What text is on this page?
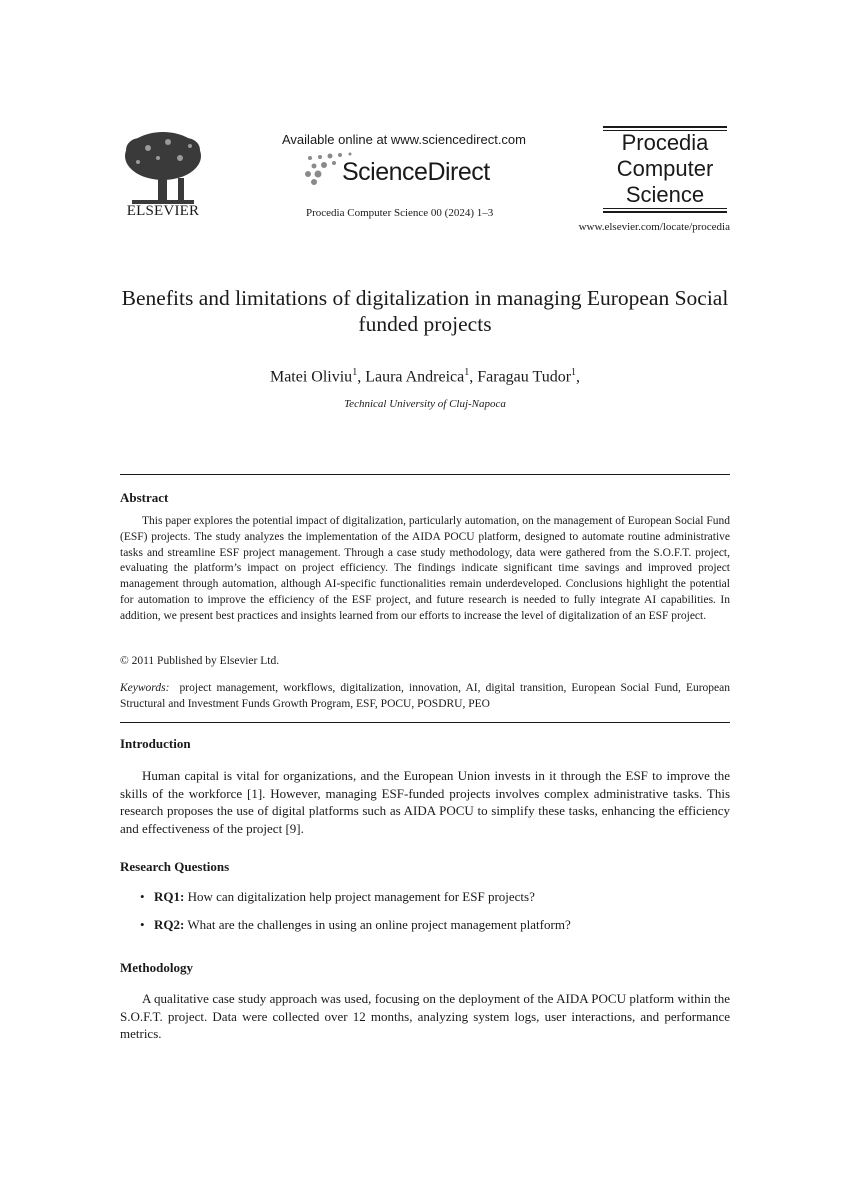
ELSEVIER
Available online at www.sciencedirect.com
ScienceDirect
Procedia Computer Science 00 (2024) 1–3
Procedia
Computer
Science
www.elsevier.com/locate/procedia
Benefits and limitations of digitalization in managing European Social funded projects
Matei Oliviu$^1$, Laura Andreica$^1$, Faragau Tudor$^1$,
Technical University of Cluj-Napoca
Abstract
This paper explores the potential impact of digitalization, particularly automation, on the management of European Social Fund (ESF) projects. The study analyzes the implementation of the AIDA POCU platform, designed to automate routine administrative tasks and streamline ESF project management. Through a case study methodology, data were gathered from the S.O.F.T. project, evaluating the platform’s impact on project efficiency. The findings indicate significant time savings and improved project management through automation, although AI-specific functionalities remain underdeveloped. Conclusions highlight the potential for automation to improve the efficiency of the ESF project, and future research is needed to fully integrate AI capabilities. In addition, we present best practices and insights learned from our efforts to increase the level of digitalization of an ESF project.
© 2011 Published by Elsevier Ltd.
Keywords: project management, workflows, digitalization, innovation, AI, digital transition, European Social Fund, European Structural and Investment Funds Growth Program, ESF, POCU, POSDRU, PEO
Introduction
Human capital is vital for organizations, and the European Union invests in it through the ESF to improve the skills of the workforce [1]. However, managing ESF-funded projects involves complex administrative tasks. This research proposes the use of digital platforms such as AIDA POCU to simplify these tasks, enhancing the efficiency and effectiveness of the project [9].
Research Questions
• RQ1: How can digitalization help project management for ESF projects?
• RQ2: What are the challenges in using an online project management platform?
Methodology
A qualitative case study approach was used, focusing on the deployment of the AIDA POCU platform within the S.O.F.T. project. Data were collected over 12 months, analyzing system logs, user interactions, and performance metrics.
